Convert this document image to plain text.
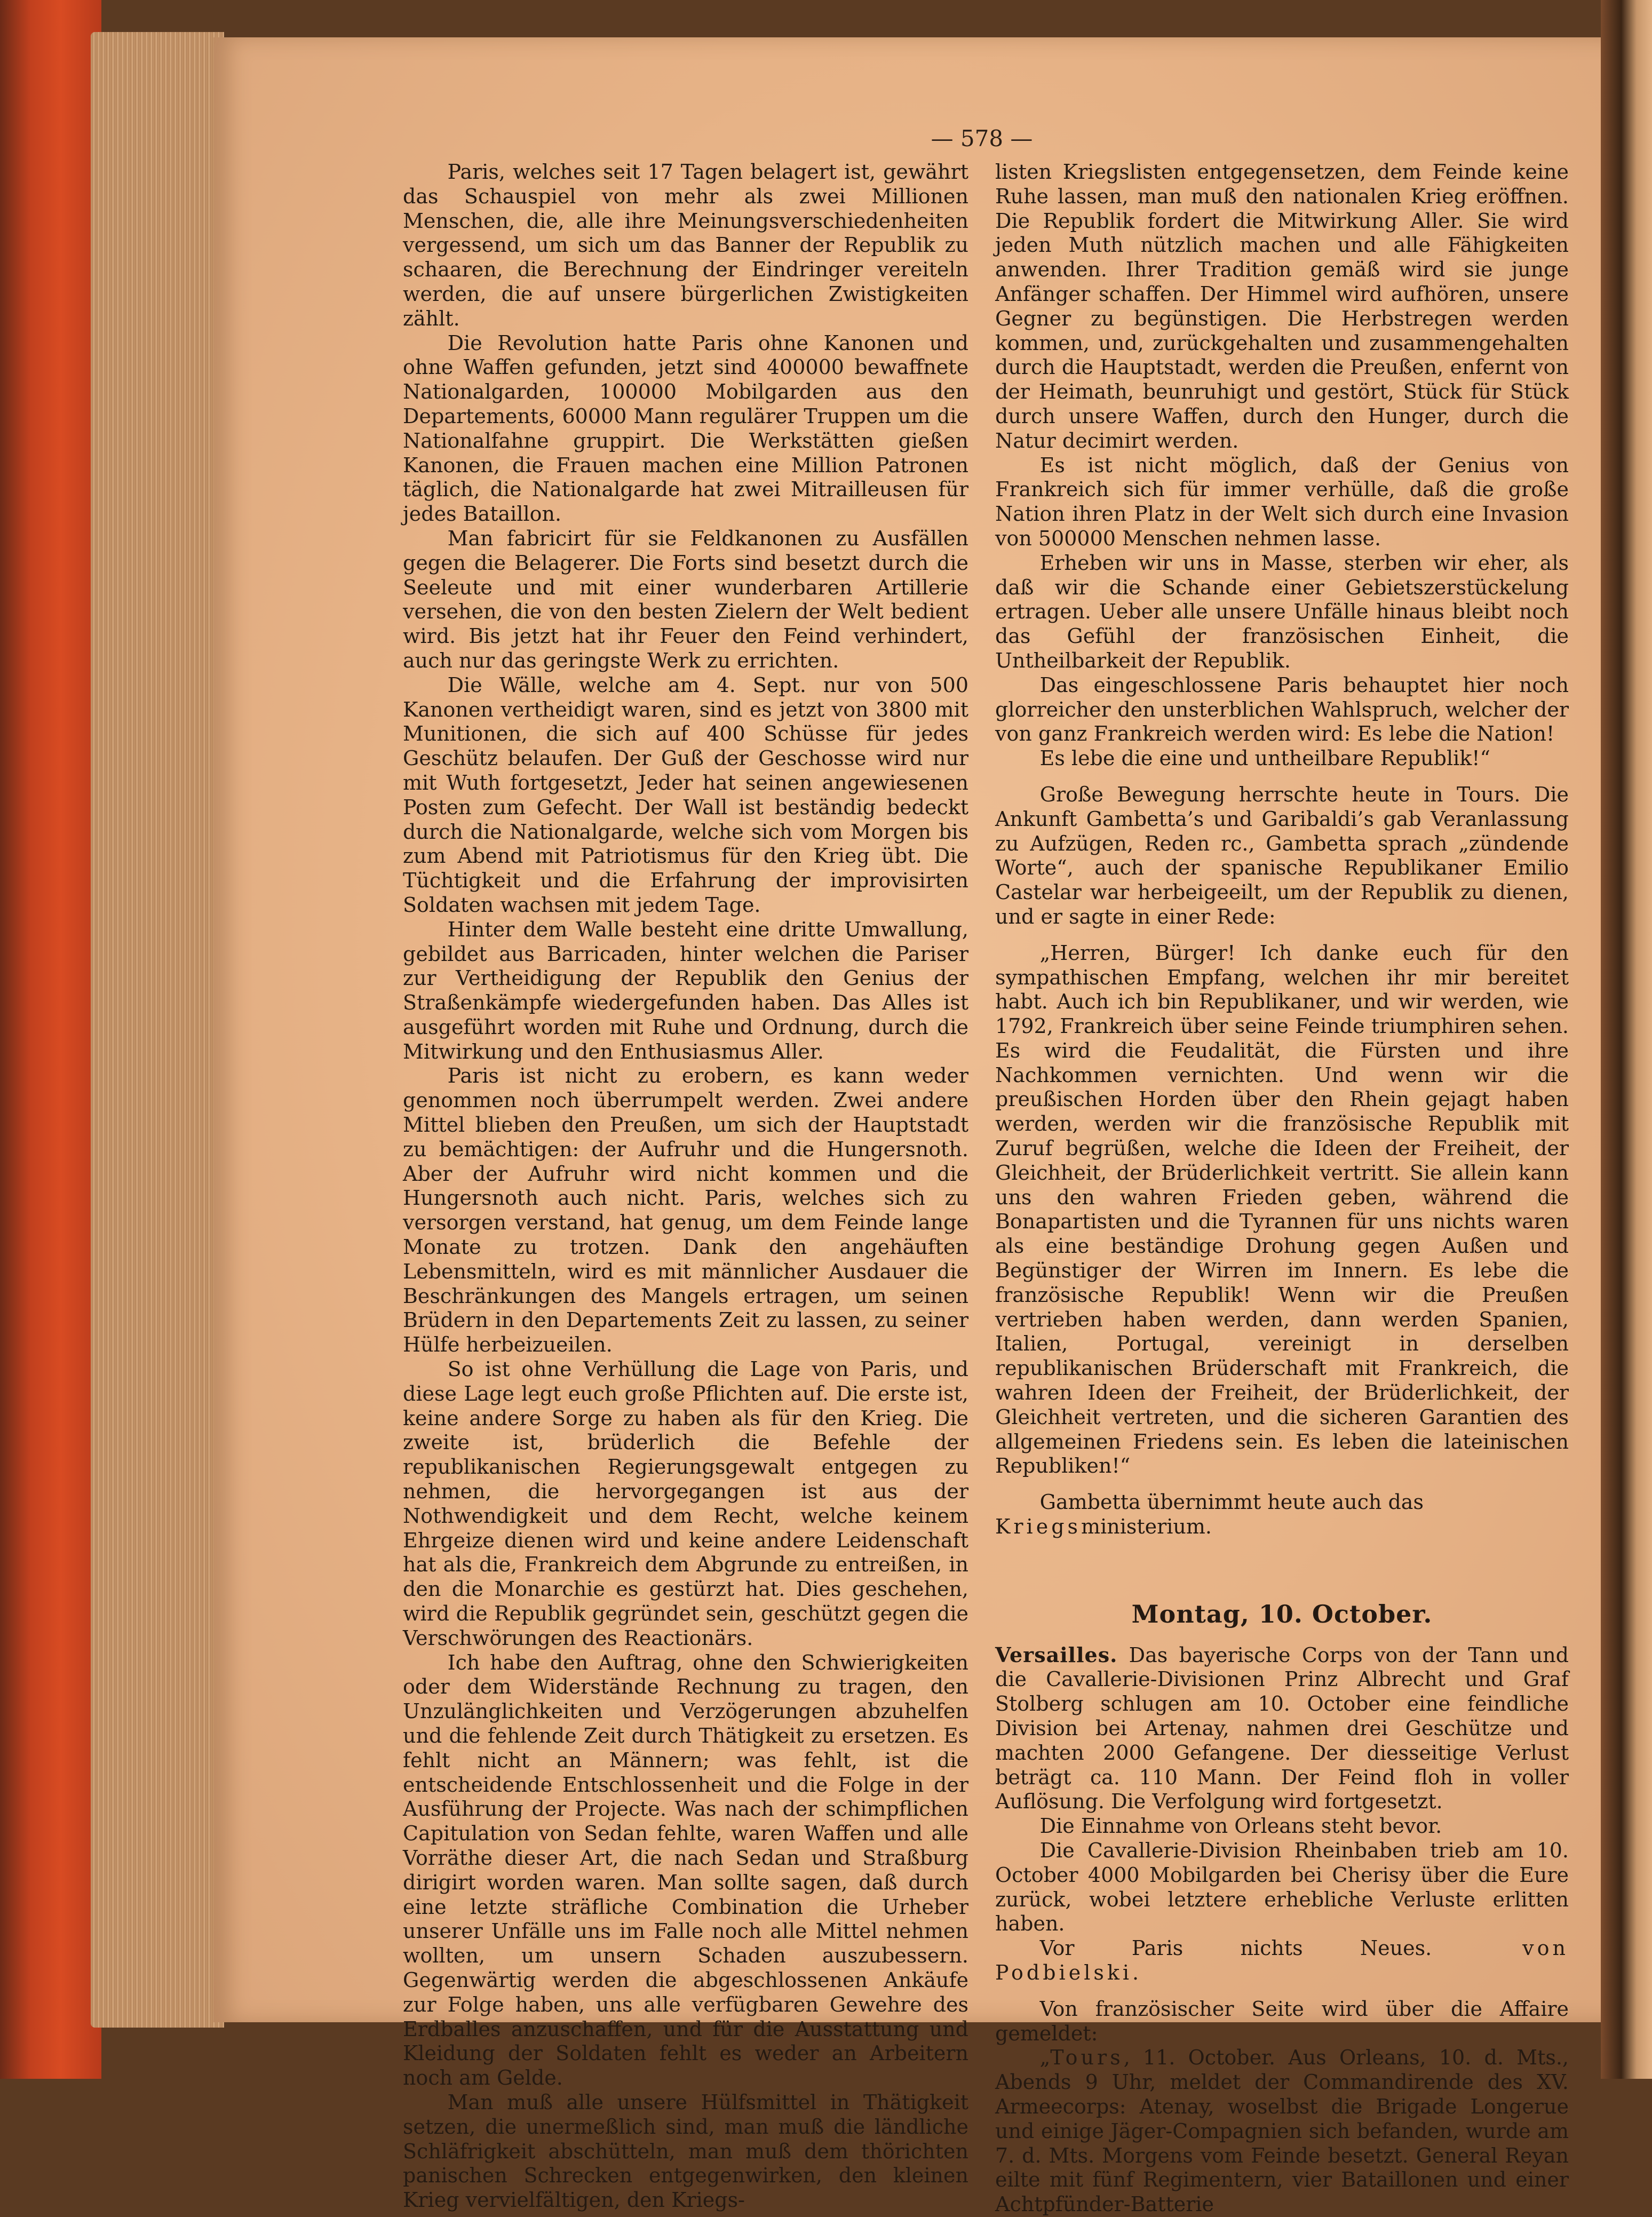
— 578 —

Paris, welches seit 17 Tagen belagert ist, gewährt das Schauspiel von mehr als zwei Millionen Menschen, die, alle ihre Meinungsverschiedenheiten vergessend, um sich um das Banner der Republik zu schaaren, die Berechnung der Eindringer vereiteln werden, die auf unsere bürgerlichen Zwistigkeiten zählt.

Die Revolution hatte Paris ohne Kanonen und ohne Waffen gefunden, jetzt sind 400000 bewaffnete Nationalgarden, 100000 Mobilgarden aus den Departements, 60000 Mann regulärer Truppen um die Nationalfahne gruppirt. Die Werkstätten gießen Kanonen, die Frauen machen eine Million Patronen täglich, die Nationalgarde hat zwei Mitrailleusen für jedes Bataillon.

Man fabricirt für sie Feldkanonen zu Ausfällen gegen die Belagerer. Die Forts sind besetzt durch die Seeleute und mit einer wunderbaren Artillerie versehen, die von den besten Zielern der Welt bedient wird. Bis jetzt hat ihr Feuer den Feind verhindert, auch nur das geringste Werk zu errichten.

Die Wälle, welche am 4. Sept. nur von 500 Kanonen vertheidigt waren, sind es jetzt von 3800 mit Munitionen, die sich auf 400 Schüsse für jedes Geschütz belaufen. Der Guß der Geschosse wird nur mit Wuth fortgesetzt, Jeder hat seinen angewiesenen Posten zum Gefecht. Der Wall ist beständig bedeckt durch die Nationalgarde, welche sich vom Morgen bis zum Abend mit Patriotismus für den Krieg übt. Die Tüchtigkeit und die Erfahrung der improvisirten Soldaten wachsen mit jedem Tage.

Hinter dem Walle besteht eine dritte Umwallung, gebildet aus Barricaden, hinter welchen die Pariser zur Vertheidigung der Republik den Genius der Straßenkämpfe wiedergefunden haben. Das Alles ist ausgeführt worden mit Ruhe und Ordnung, durch die Mitwirkung und den Enthusiasmus Aller.

Paris ist nicht zu erobern, es kann weder genommen noch überrumpelt werden. Zwei andere Mittel blieben den Preußen, um sich der Hauptstadt zu bemächtigen: der Aufruhr und die Hungersnoth. Aber der Aufruhr wird nicht kommen und die Hungersnoth auch nicht. Paris, welches sich zu versorgen verstand, hat genug, um dem Feinde lange Monate zu trotzen. Dank den angehäuften Lebensmitteln, wird es mit männlicher Ausdauer die Beschränkungen des Mangels ertragen, um seinen Brüdern in den Departements Zeit zu lassen, zu seiner Hülfe herbeizueilen.

So ist ohne Verhüllung die Lage von Paris, und diese Lage legt euch große Pflichten auf. Die erste ist, keine andere Sorge zu haben als für den Krieg. Die zweite ist, brüderlich die Befehle der republikanischen Regierungsgewalt entgegen zu nehmen, die hervorgegangen ist aus der Nothwendigkeit und dem Recht, welche keinem Ehrgeize dienen wird und keine andere Leidenschaft hat als die, Frankreich dem Abgrunde zu entreißen, in den die Monarchie es gestürzt hat. Dies geschehen, wird die Republik gegründet sein, geschützt gegen die Verschwörungen des Reactionärs.

Ich habe den Auftrag, ohne den Schwierigkeiten oder dem Widerstände Rechnung zu tragen, den Unzulänglichkeiten und Verzögerungen abzuhelfen und die fehlende Zeit durch Thätigkeit zu ersetzen. Es fehlt nicht an Männern; was fehlt, ist die entscheidende Entschlossenheit und die Folge in der Ausführung der Projecte. Was nach der schimpflichen Capitulation von Sedan fehlte, waren Waffen und alle Vorräthe dieser Art, die nach Sedan und Straßburg dirigirt worden waren. Man sollte sagen, daß durch eine letzte sträfliche Combination die Urheber unserer Unfälle uns im Falle noch alle Mittel nehmen wollten, um unsern Schaden auszubessern. Gegenwärtig werden die abgeschlossenen Ankäufe zur Folge haben, uns alle verfügbaren Gewehre des Erdballes anzuschaffen, und für die Ausstattung und Kleidung der Soldaten fehlt es weder an Arbeitern noch am Gelde.

Man muß alle unsere Hülfsmittel in Thätigkeit setzen, die unermeßlich sind, man muß die ländliche Schläfrigkeit abschütteln, man muß dem thörichten panischen Schrecken entgegenwirken, den kleinen Krieg vervielfältigen, den Kriegs-

listen Kriegslisten entgegensetzen, dem Feinde keine Ruhe lassen, man muß den nationalen Krieg eröffnen. Die Republik fordert die Mitwirkung Aller. Sie wird jeden Muth nützlich machen und alle Fähigkeiten anwenden. Ihrer Tradition gemäß wird sie junge Anfänger schaffen. Der Himmel wird aufhören, unsere Gegner zu begünstigen. Die Herbstregen werden kommen, und, zurückgehalten und zusammengehalten durch die Hauptstadt, werden die Preußen, enfernt von der Heimath, beunruhigt und gestört, Stück für Stück durch unsere Waffen, durch den Hunger, durch die Natur decimirt werden.

Es ist nicht möglich, daß der Genius von Frankreich sich für immer verhülle, daß die große Nation ihren Platz in der Welt sich durch eine Invasion von 500000 Menschen nehmen lasse.

Erheben wir uns in Masse, sterben wir eher, als daß wir die Schande einer Gebietszerstückelung ertragen. Ueber alle unsere Unfälle hinaus bleibt noch das Gefühl der französischen Einheit, die Untheilbarkeit der Republik.

Das eingeschlossene Paris behauptet hier noch glorreicher den unsterblichen Wahlspruch, welcher der von ganz Frankreich werden wird: Es lebe die Nation!

Es lebe die eine und untheilbare Republik!“

Große Bewegung herrschte heute in Tours. Die Ankunft Gambetta’s und Garibaldi’s gab Veranlassung zu Aufzügen, Reden rc., Gambetta sprach „zündende Worte“, auch der spanische Republikaner Emilio Castelar war herbeigeeilt, um der Republik zu dienen, und er sagte in einer Rede:

„Herren, Bürger! Ich danke euch für den sympathischen Empfang, welchen ihr mir bereitet habt. Auch ich bin Republikaner, und wir werden, wie 1792, Frankreich über seine Feinde triumphiren sehen. Es wird die Feudalität, die Fürsten und ihre Nachkommen vernichten. Und wenn wir die preußischen Horden über den Rhein gejagt haben werden, werden wir die französische Republik mit Zuruf begrüßen, welche die Ideen der Freiheit, der Gleichheit, der Brüderlichkeit vertritt. Sie allein kann uns den wahren Frieden geben, während die Bonapartisten und die Tyrannen für uns nichts waren als eine beständige Drohung gegen Außen und Begünstiger der Wirren im Innern. Es lebe die französische Republik! Wenn wir die Preußen vertrieben haben werden, dann werden Spanien, Italien, Portugal, vereinigt in derselben republikanischen Brüderschaft mit Frankreich, die wahren Ideen der Freiheit, der Brüderlichkeit, der Gleichheit vertreten, und die sicheren Garantien des allgemeinen Friedens sein. Es leben die lateinischen Republiken!“

Gambetta übernimmt heute auch das Kriegsministerium.

Montag, 10. October.

Versailles. Das bayerische Corps von der Tann und die Cavallerie-Divisionen Prinz Albrecht und Graf Stolberg schlugen am 10. October eine feindliche Division bei Artenay, nahmen drei Geschütze und machten 2000 Gefangene. Der diesseitige Verlust beträgt ca. 110 Mann. Der Feind floh in voller Auflösung. Die Verfolgung wird fortgesetzt.

Die Einnahme von Orleans steht bevor.

Die Cavallerie-Division Rheinbaben trieb am 10. October 4000 Mobilgarden bei Cherisy über die Eure zurück, wobei letztere erhebliche Verluste erlitten haben.

Vor Paris nichts Neues.	von Podbielski.

Von französischer Seite wird über die Affaire gemeldet:

„Tours, 11. October. Aus Orleans, 10. d. Mts., Abends 9 Uhr, meldet der Commandirende des XV. Armeecorps: Atenay, woselbst die Brigade Longerue und einige Jäger-Compagnien sich befanden, wurde am 7. d. Mts. Morgens vom Feinde besetzt. General Reyan eilte mit fünf Regimentern, vier Bataillonen und einer Achtpfünder-Batterie
